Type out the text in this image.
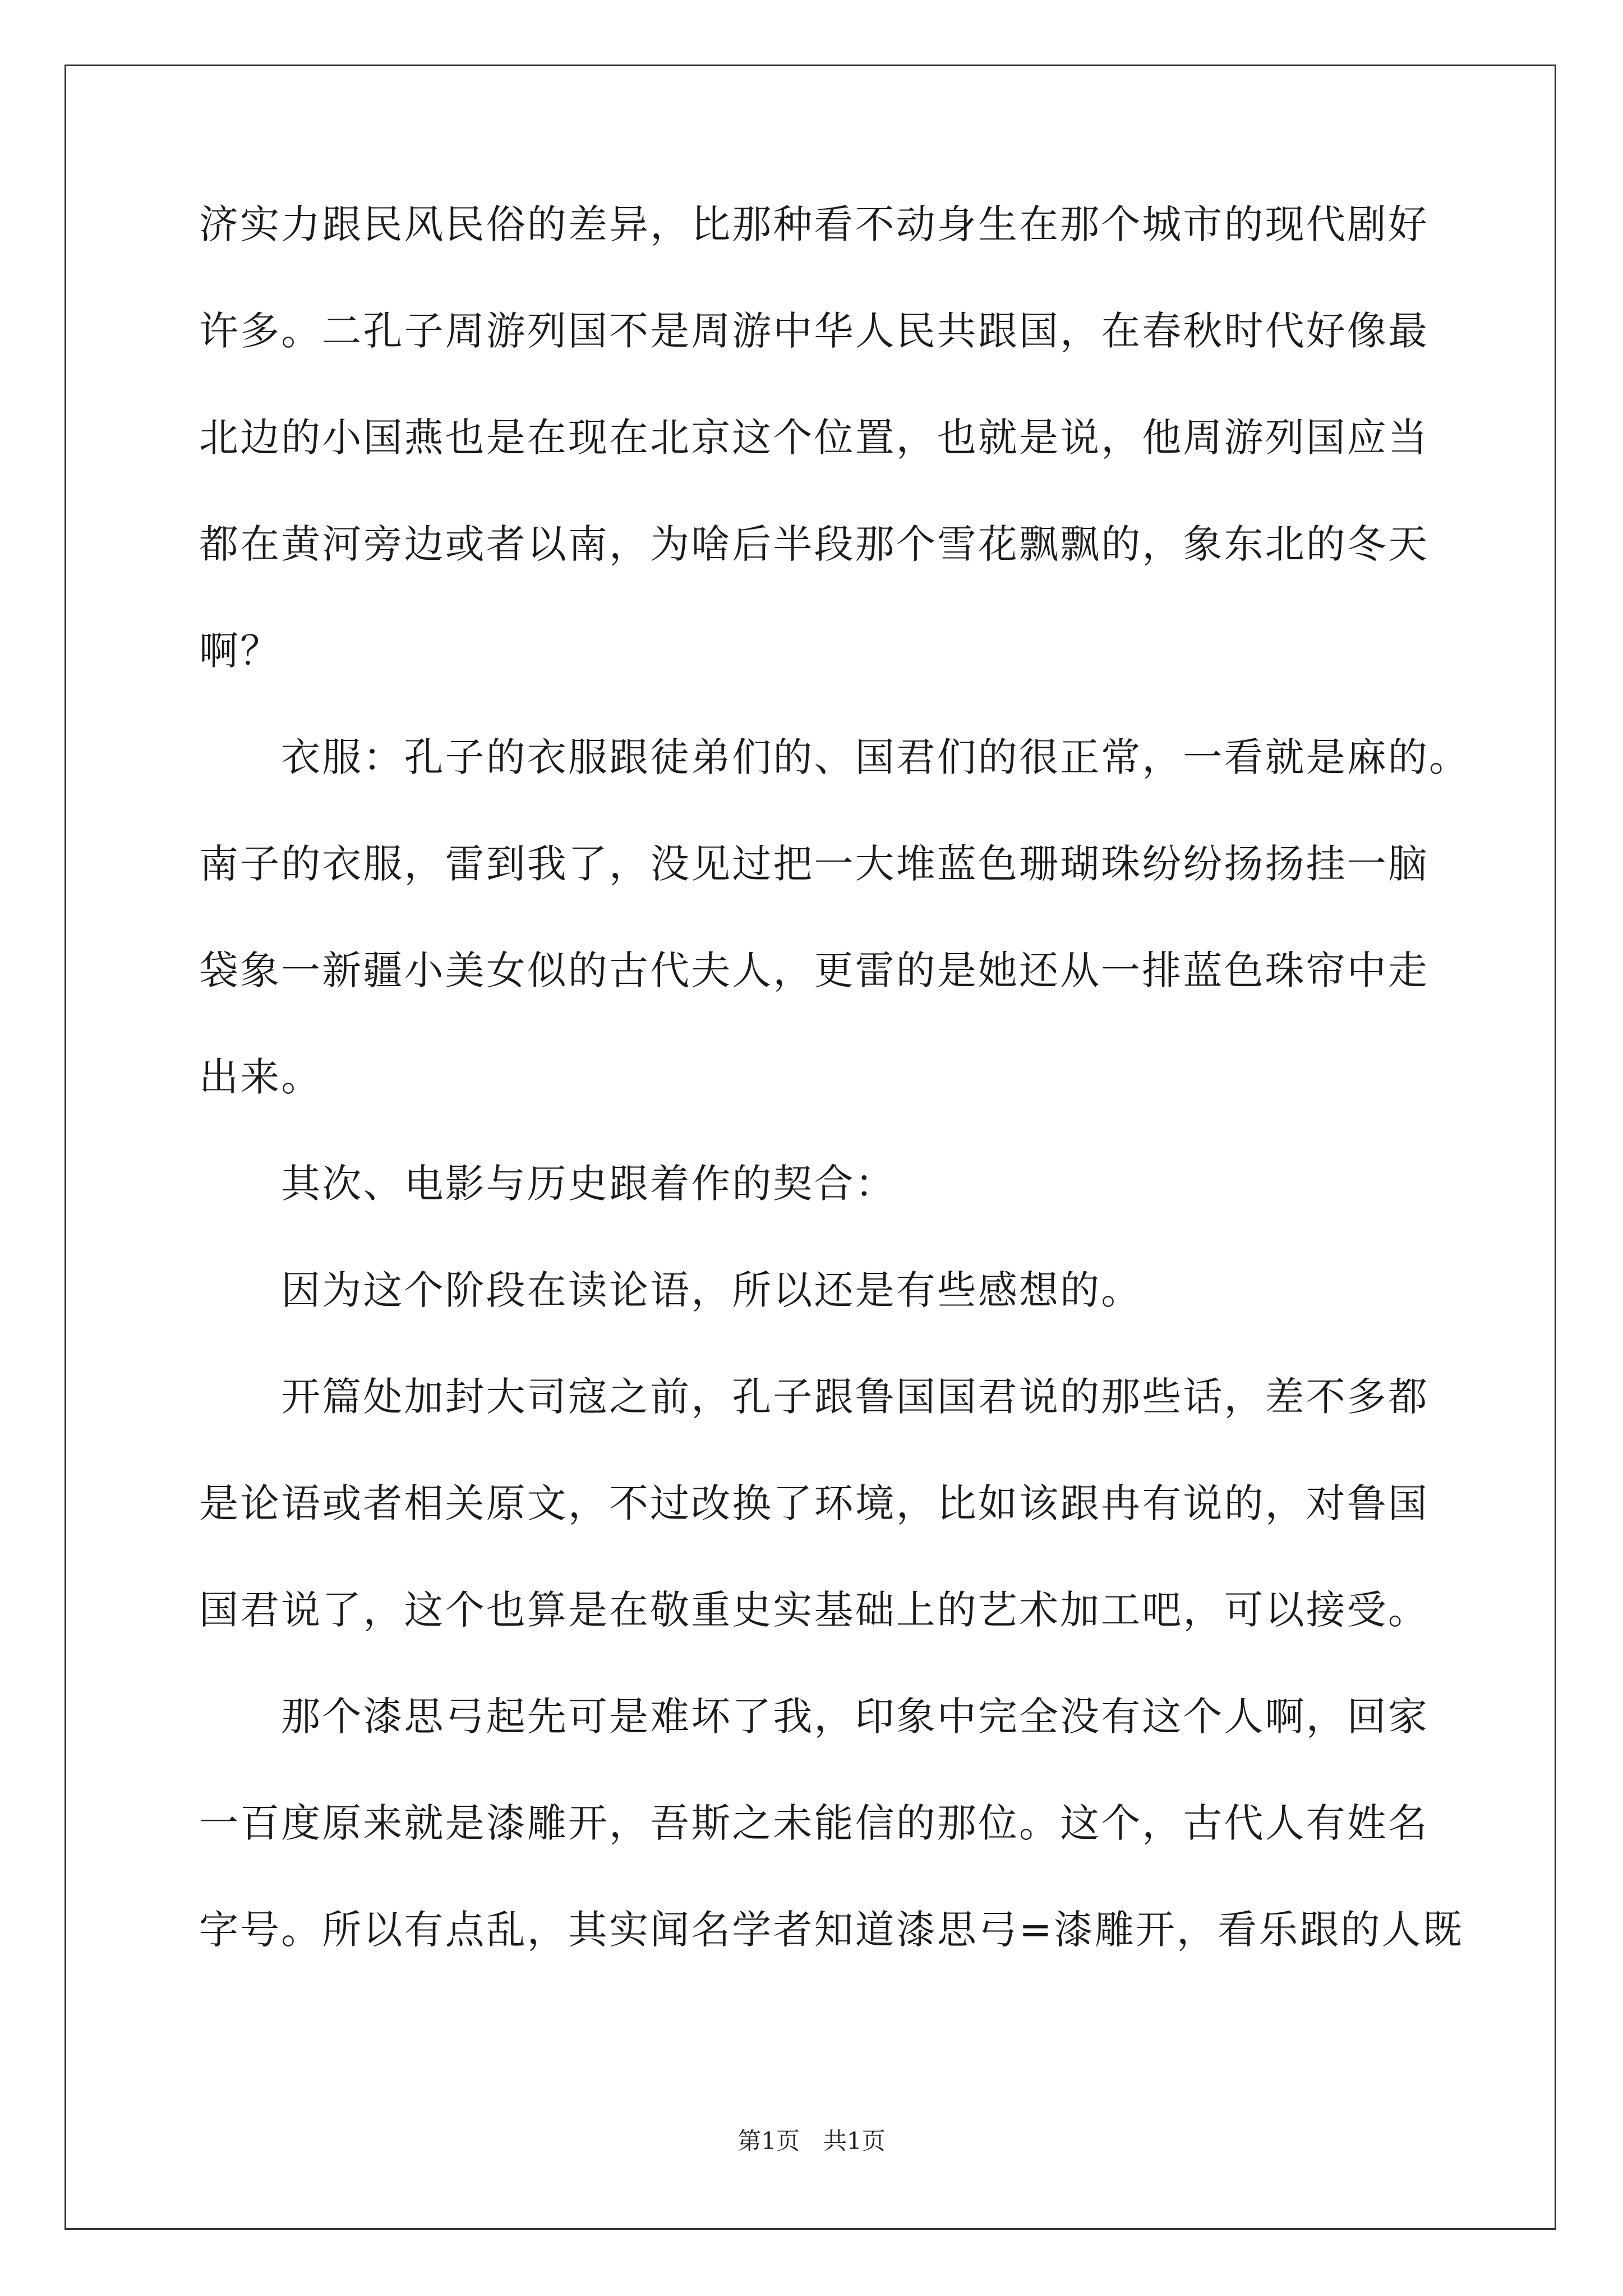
济实力跟民风民俗的差异，比那种看不动身生在那个城市的现代剧好
许多。二孔子周游列国不是周游中华人民共跟国，在春秋时代好像最
北边的小国燕也是在现在北京这个位置，也就是说，他周游列国应当
都在黄河旁边或者以南，为啥后半段那个雪花飘飘的，象东北的冬天
啊？
　　衣服：孔子的衣服跟徒弟们的、国君们的很正常，一看就是麻的。
南子的衣服，雷到我了，没见过把一大堆蓝色珊瑚珠纷纷扬扬挂一脑
袋象一新疆小美女似的古代夫人，更雷的是她还从一排蓝色珠帘中走
出来。
　　其次、电影与历史跟着作的契合：
　　因为这个阶段在读论语，所以还是有些感想的。
　　开篇处加封大司寇之前，孔子跟鲁国国君说的那些话，差不多都
是论语或者相关原文，不过改换了环境，比如该跟冉有说的，对鲁国
国君说了，这个也算是在敬重史实基础上的艺术加工吧，可以接受。
　　那个漆思弓起先可是难坏了我，印象中完全没有这个人啊，回家
一百度原来就是漆雕开，吾斯之未能信的那位。这个，古代人有姓名
字号。所以有点乱，其实闻名学者知道漆思弓=漆雕开，看乐跟的人既
第1页　共1页
